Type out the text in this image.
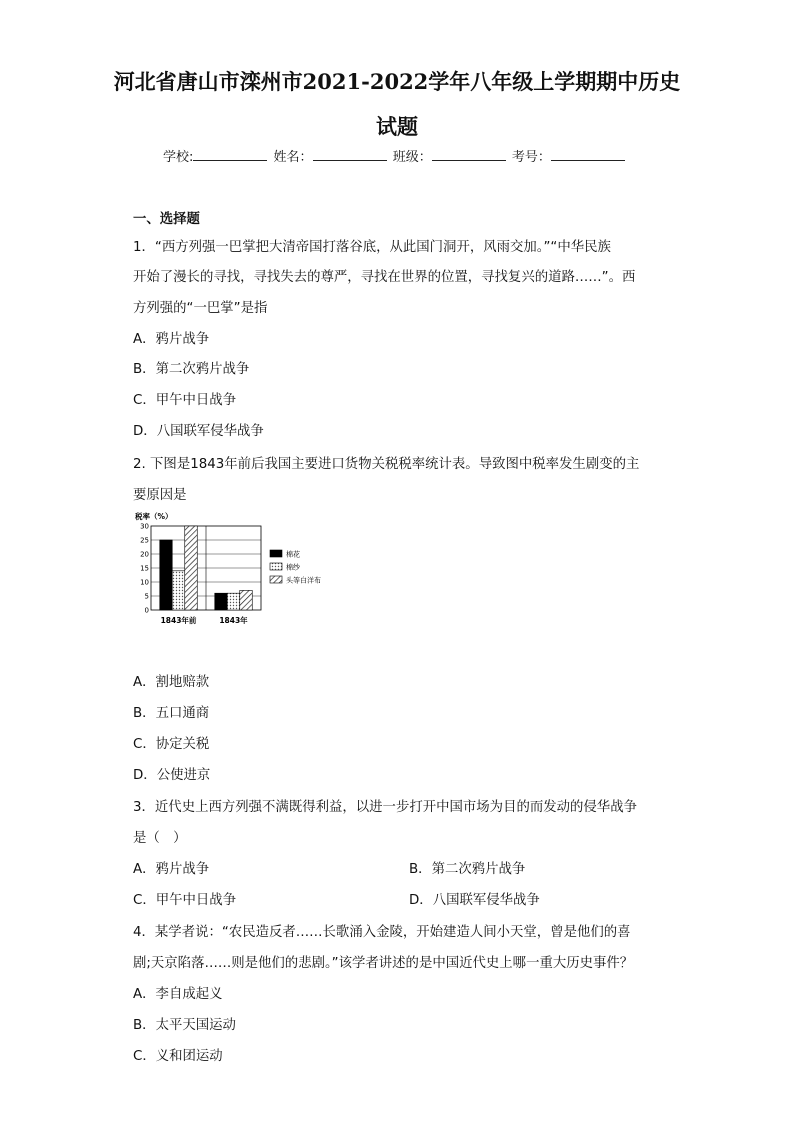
河北省唐山市滦州市2021-2022学年八年级上学期期中历史
试题
学校:	姓名：	班级：	考号：
一、选择题
1．“西方列强一巴掌把大清帝国打落谷底，从此国门洞开，风雨交加。”“中华民族
开始了漫长的寻找，寻找失去的尊严，寻找在世界的位置，寻找复兴的道路……”。西
方列强的“一巴掌”是指
A．鸦片战争
B．第二次鸦片战争
C．甲午中日战争
D．八国联军侵华战争
2. 下图是1843年前后我国主要进口货物关税税率统计表。导致图中税率发生剧变的主
要原因是
税率（%）
30
25
20
15
10
5
0
1843年前	1843年
棉花
棉纱
头等白洋布
A．割地赔款
B．五口通商
C．协定关税
D．公使进京
3．近代史上西方列强不满既得利益，以进一步打开中国市场为目的而发动的侵华战争
是（　）
A．鸦片战争	B．第二次鸦片战争
C．甲午中日战争	D．八国联军侵华战争
4．某学者说：“农民造反者……长歌涌入金陵，开始建造人间小天堂，曾是他们的喜
剧;天京陷落……则是他们的悲剧。”该学者讲述的是中国近代史上哪一重大历史事件？
A．李自成起义
B．太平天国运动
C．义和团运动
